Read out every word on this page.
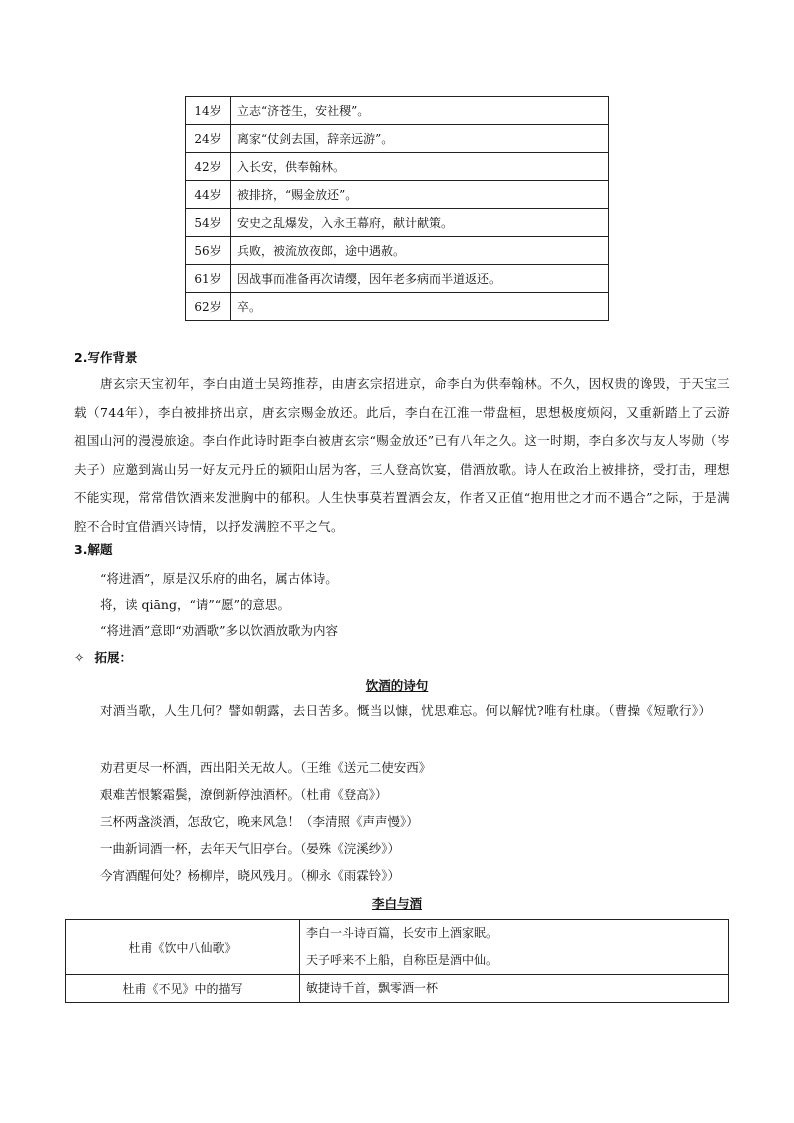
14岁	立志“济苍生，安社稷”。
24岁	离家“仗剑去国，辞亲远游”。
42岁	入长安，供奉翰林。
44岁	被排挤，“赐金放还”。
54岁	安史之乱爆发，入永王幕府，献计献策。
56岁	兵败，被流放夜郎，途中遇赦。
61岁	因战事而准备再次请缨，因年老多病而半道返还。
62岁	卒。
2.写作背景
唐玄宗天宝初年，李白由道士吴筠推荐，由唐玄宗招进京，命李白为供奉翰林。不久，因权贵的谗毁，于天宝三载（744年），李白被排挤出京，唐玄宗赐金放还。此后，李白在江淮一带盘桓，思想极度烦闷，又重新踏上了云游祖国山河的漫漫旅途。李白作此诗时距李白被唐玄宗“赐金放还”已有八年之久。这一时期，李白多次与友人岑勋（岑夫子）应邀到嵩山另一好友元丹丘的颍阳山居为客，三人登高饮宴，借酒放歌。诗人在政治上被排挤，受打击，理想不能实现，常常借饮酒来发泄胸中的郁积。人生快事莫若置酒会友，作者又正值“抱用世之才而不遇合”之际，于是满腔不合时宜借酒兴诗情，以抒发满腔不平之气。
3.解题
“将进酒”，原是汉乐府的曲名，属古体诗。
将，读 qiāng，“请”“愿”的意思。
“将进酒”意即“劝酒歌”多以饮酒放歌为内容
✧ 拓展：
饮酒的诗句
对酒当歌，人生几何？譬如朝露，去日苦多。慨当以慷，忧思难忘。何以解忧?唯有杜康。（曹操《短歌行》）
劝君更尽一杯酒，西出阳关无故人。（王维《送元二使安西》
艰难苦恨繁霜鬓，潦倒新停浊酒杯。（杜甫《登高》）
三杯两盏淡酒，怎敌它，晚来风急！（李清照《声声慢》）
一曲新词酒一杯，去年天气旧亭台。（晏殊《浣溪纱》）
今宵酒醒何处？杨柳岸，晓风残月。（柳永《雨霖铃》）
李白与酒
杜甫《饮中八仙歌》	李白一斗诗百篇，长安市上酒家眠。
天子呼来不上船，自称臣是酒中仙。

杜甫《不见》中的描写	敏捷诗千首，飘零酒一杯
